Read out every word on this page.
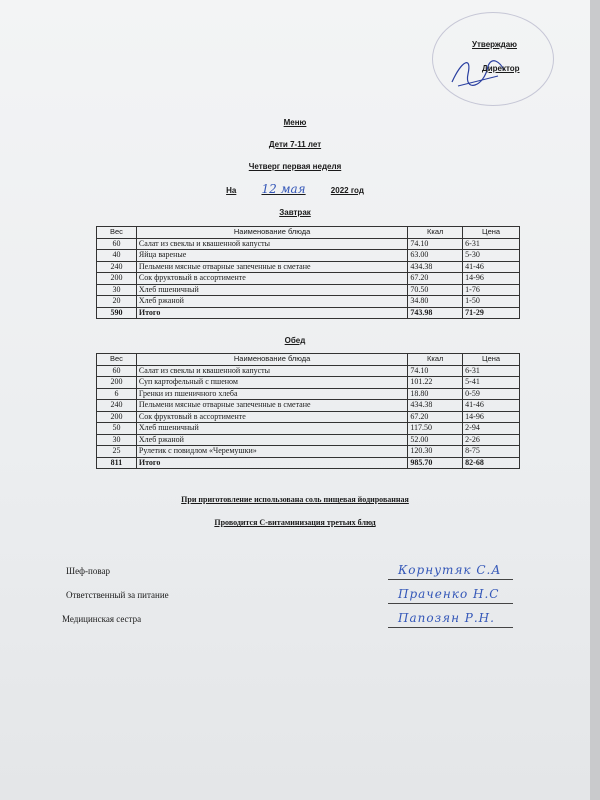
Утверждаю
Директор
Меню
Дети 7-11 лет
Четверг первая неделя
На 12 мая	2022 год
Завтрак
Вес	Наименование блюда	Ккал	Цена
60	Салат из свеклы и квашенной капусты	74.10	6-31
40	Яйца вареные	63.00	5-30
240	Пельмени мясные отварные запеченные в сметане	434.38	41-46
200	Сок фруктовый в ассортименте	67.20	14-96
30	Хлеб пшеничный	70.50	1-76
20	Хлеб ржаной	34.80	1-50
590	Итого	743.98	71-29
Обед
Вес	Наименование блюда	Ккал	Цена
60	Салат из свеклы и квашенной капусты	74.10	6-31
200	Суп картофельный с пшеном	101.22	5-41
6	Гренки из пшеничного хлеба	18.80	0-59
240	Пельмени мясные отварные запеченные в сметане	434.38	41-46
200	Сок фруктовый в ассортименте	67.20	14-96
50	Хлеб пшеничный	117.50	2-94
30	Хлеб ржаной	52.00	2-26
25	Рулетик с повидлом «Черемушки»	120.30	8-75
811	Итого	985.70	82-68
При приготовление использована соль пищевая йодированная
Проводится С-витаминизация третьих блюд
Шеф-повар	Корнутяк С.А
Ответственный за питание	Праченко Н.С
Медицинская сестра	Папозян Р.Н.
